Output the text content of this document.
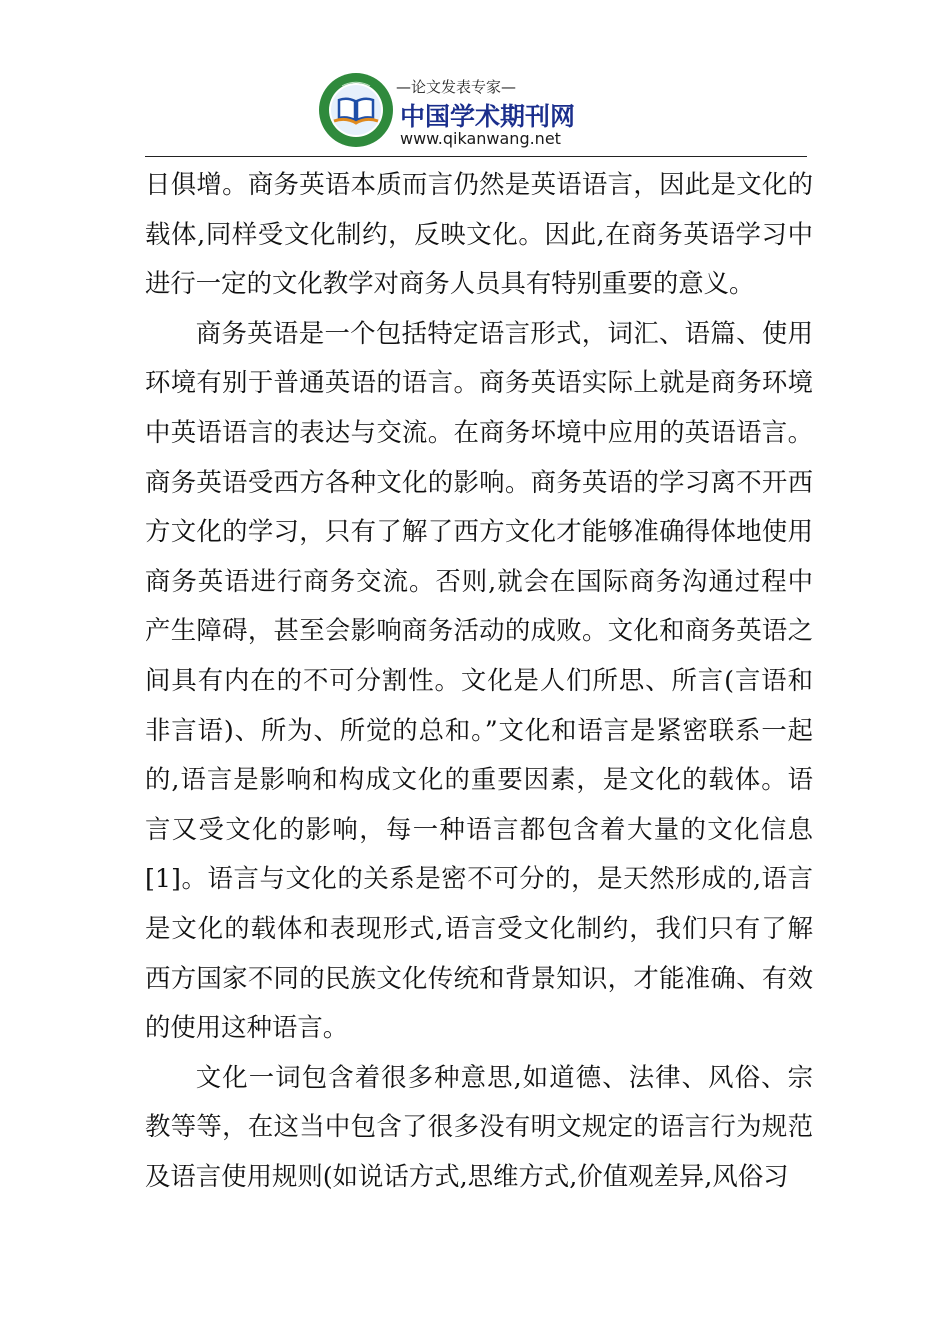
—论文发表专家—
中国学术期刊网
www.qikanwang.net

日俱增。商务英语本质而言仍然是英语语言，因此是文化的载体,同样受文化制约，反映文化。因此,在商务英语学习中进行一定的文化教学对商务人员具有特别重要的意义。

商务英语是一个包括特定语言形式，词汇、语篇、使用环境有别于普通英语的语言。商务英语实际上就是商务环境中英语语言的表达与交流。在商务坏境中应用的英语语言。商务英语受西方各种文化的影响。商务英语的学习离不开西方文化的学习，只有了解了西方文化才能够准确得体地使用商务英语进行商务交流。否则,就会在国际商务沟通过程中产生障碍，甚至会影响商务活动的成败。文化和商务英语之间具有内在的不可分割性。文化是人们所思、所言(言语和非言语)、所为、所觉的总和。”文化和语言是紧密联系一起的,语言是影响和构成文化的重要因素，是文化的载体。语言又受文化的影响，每一种语言都包含着大量的文化信息[1]。语言与文化的关系是密不可分的，是天然形成的,语言是文化的载体和表现形式,语言受文化制约，我们只有了解西方国家不同的民族文化传统和背景知识，才能准确、有效的使用这种语言。

文化一词包含着很多种意思,如道德、法律、风俗、宗教等等，在这当中包含了很多没有明文规定的语言行为规范及语言使用规则(如说话方式,思维方式,价值观差异,风俗习
